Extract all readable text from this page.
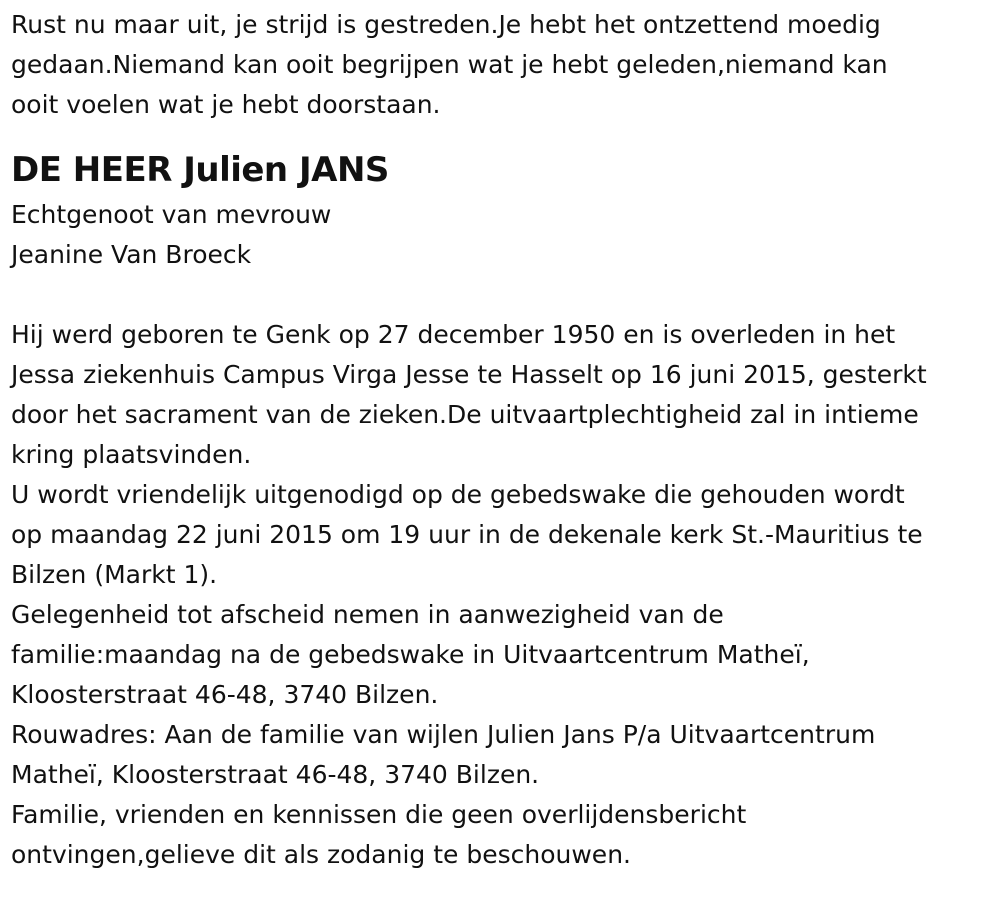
Rust nu maar uit, je strijd is gestreden.Je hebt het ontzettend moedig
gedaan.Niemand kan ooit begrijpen wat je hebt geleden,niemand kan
ooit voelen wat je hebt doorstaan.
DE HEER Julien JANS
Echtgenoot van mevrouw
Jeanine Van Broeck
Hij werd geboren te Genk op 27 december 1950 en is overleden in het
Jessa ziekenhuis Campus Virga Jesse te Hasselt op 16 juni 2015, gesterkt
door het sacrament van de zieken.De uitvaartplechtigheid zal in intieme
kring plaatsvinden.
U wordt vriendelijk uitgenodigd op de gebedswake die gehouden wordt
op maandag 22 juni 2015 om 19 uur in de dekenale kerk St.-Mauritius te
Bilzen (Markt 1).
Gelegenheid tot afscheid nemen in aanwezigheid van de
familie:maandag na de gebedswake in Uitvaartcentrum Matheï,
Kloosterstraat 46-48, 3740 Bilzen.
Rouwadres: Aan de familie van wijlen Julien Jans P/a Uitvaartcentrum
Matheï, Kloosterstraat 46-48, 3740 Bilzen.
Familie, vrienden en kennissen die geen overlijdensbericht
ontvingen,gelieve dit als zodanig te beschouwen.
